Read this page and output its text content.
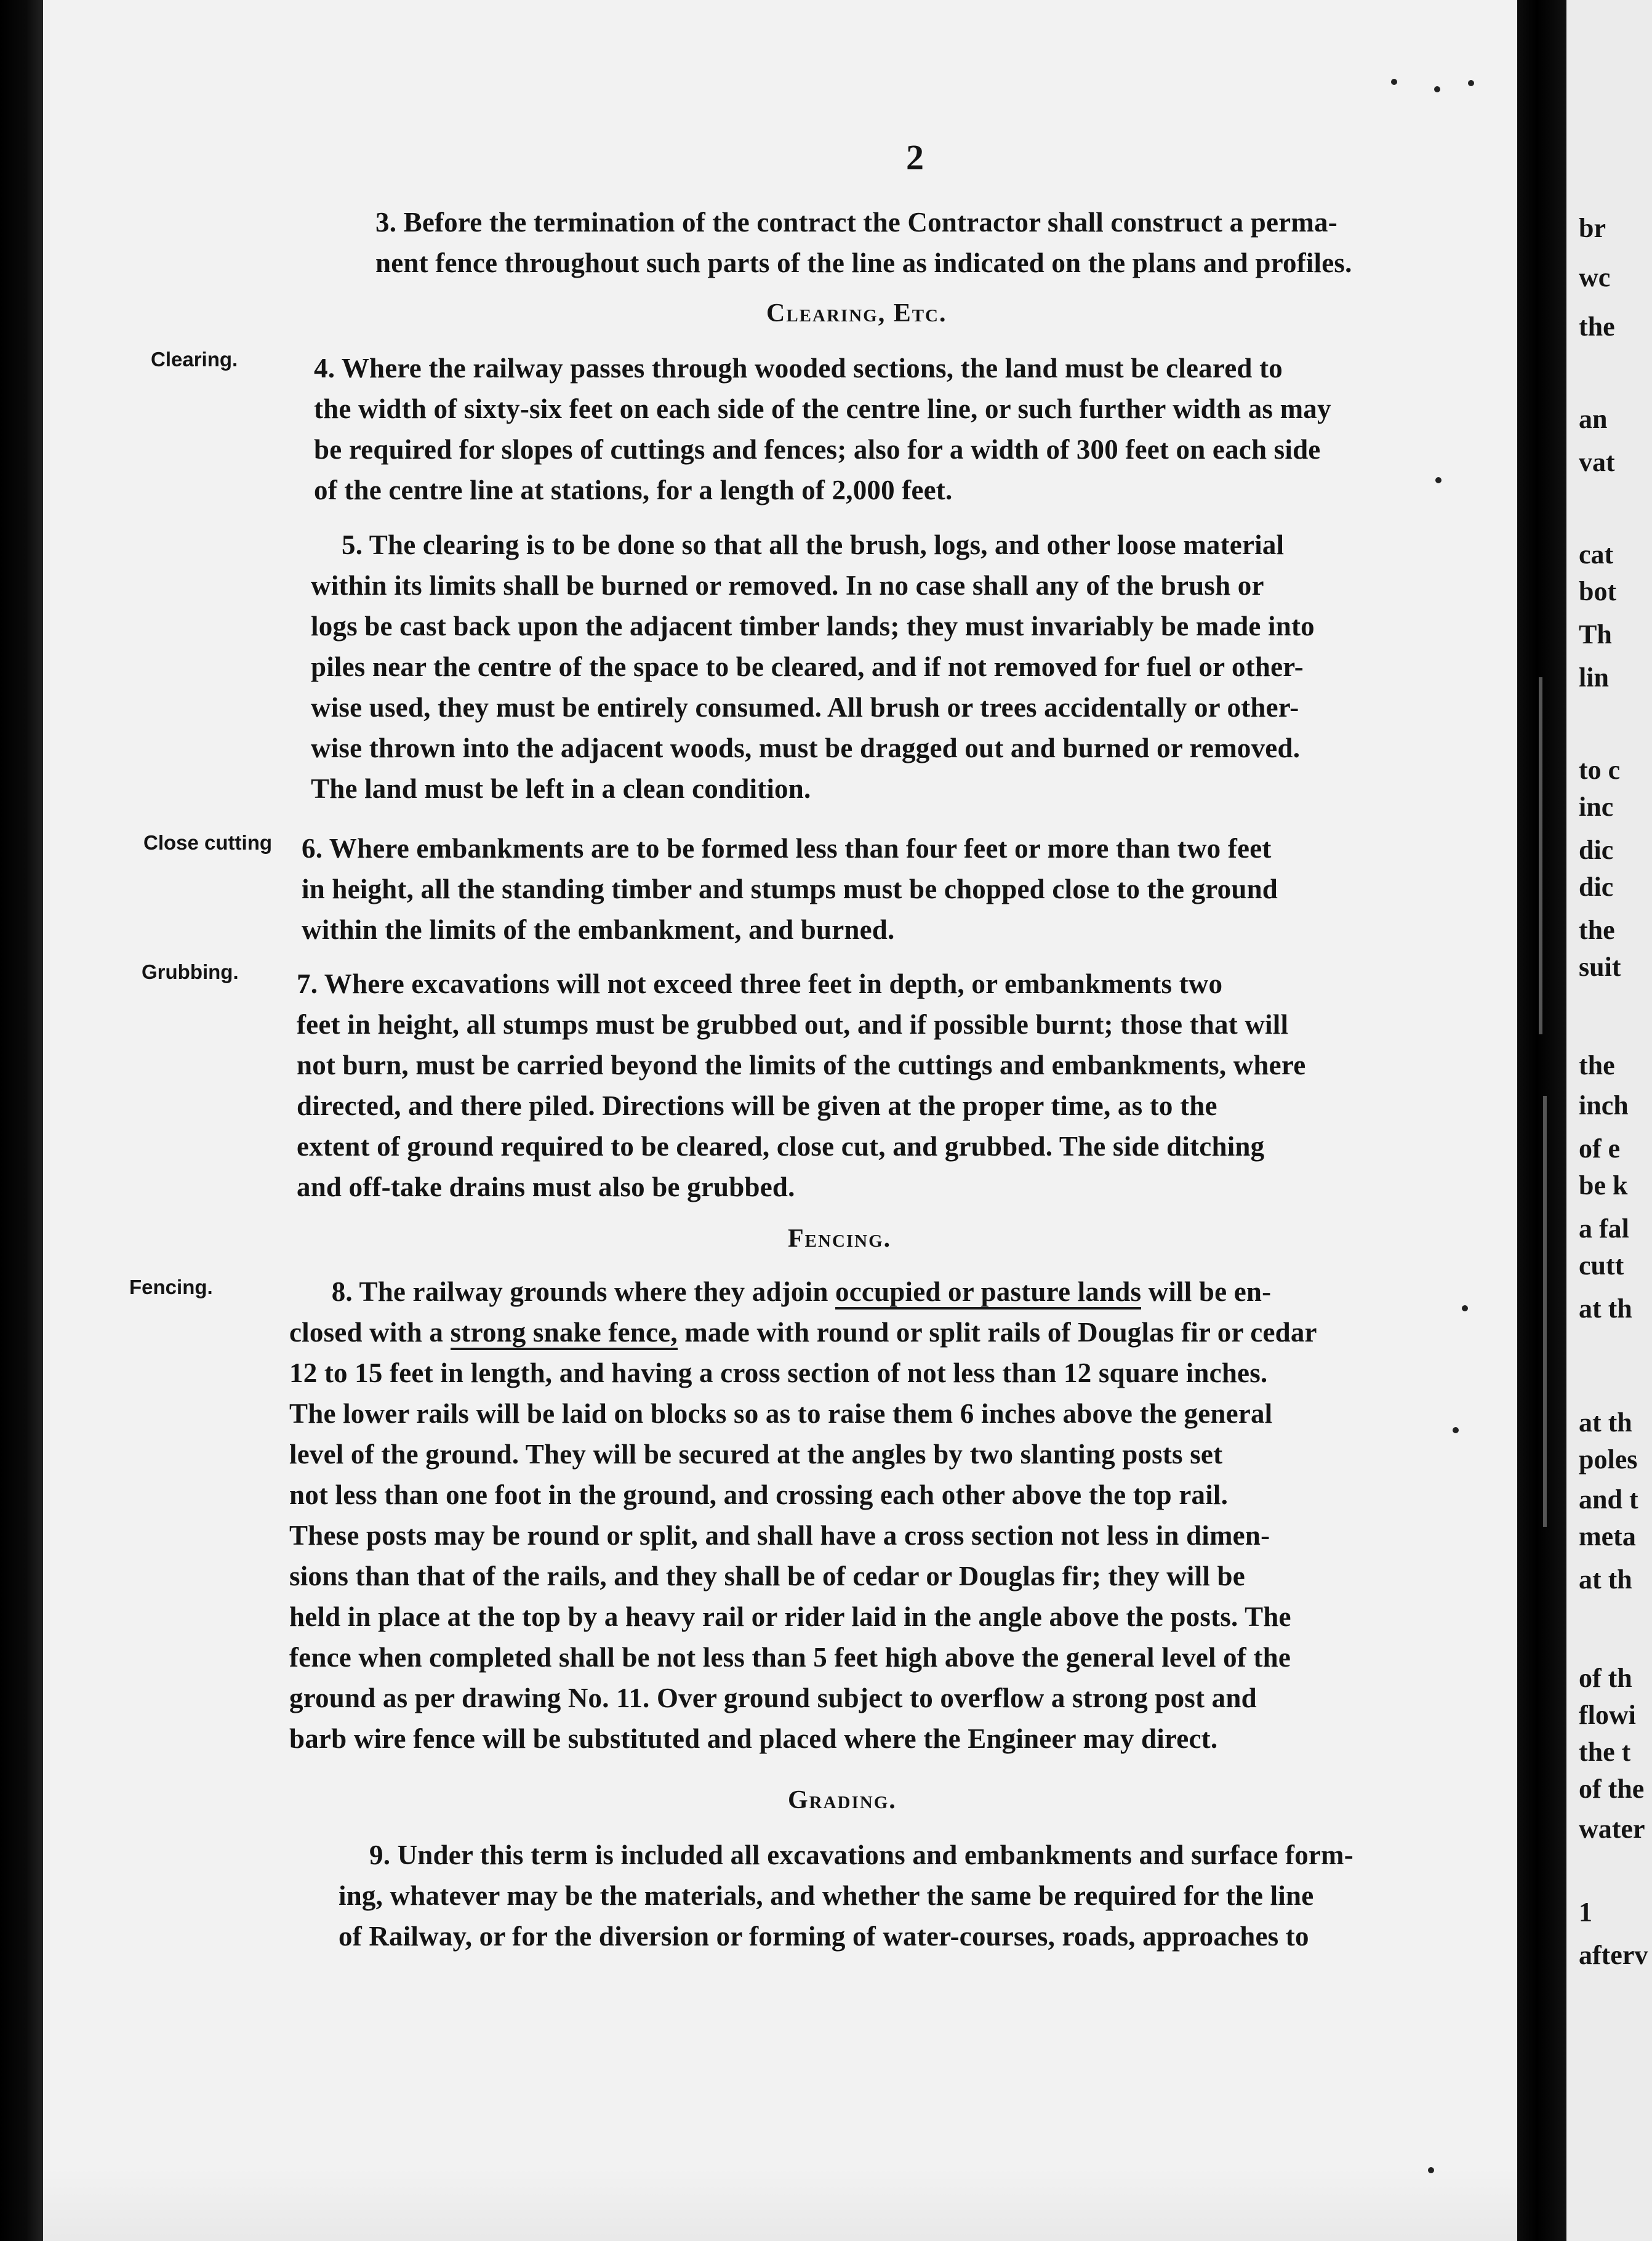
2
3. Before the termination of the contract the Contractor shall construct a perma-
nent fence throughout such parts of the line as indicated on the plans and profiles.
Clearing, Etc.
Clearing.	4. Where the railway passes through wooded sections, the land must be cleared to
the width of sixty-six feet on each side of the centre line, or such further width as may
be required for slopes of cuttings and fences; also for a width of 300 feet on each side
of the centre line at stations, for a length of 2,000 feet.
5. The clearing is to be done so that all the brush, logs, and other loose material
within its limits shall be burned or removed. In no case shall any of the brush or
logs be cast back upon the adjacent timber lands; they must invariably be made into
piles near the centre of the space to be cleared, and if not removed for fuel or other-
wise used, they must be entirely consumed. All brush or trees accidentally or other-
wise thrown into the adjacent woods, must be dragged out and burned or removed.
The land must be left in a clean condition.
Close cutting 6. Where embankments are to be formed less than four feet or more than two feet
in height, all the standing timber and stumps must be chopped close to the ground
within the limits of the embankment, and burned.
Grubbing. 7. Where excavations will not exceed three feet in depth, or embankments two
feet in height, all stumps must be grubbed out, and if possible burnt; those that will
not burn, must be carried beyond the limits of the cuttings and embankments, where
directed, and there piled. Directions will be given at the proper time, as to the
extent of ground required to be cleared, close cut, and grubbed. The side ditching
and off-take drains must also be grubbed.
Fencing.
Fencing.	8. The railway grounds where they adjoin occupied or pasture lands will be en-
closed with a strong snake fence, made with round or split rails of Douglas fir or cedar
12 to 15 feet in length, and having a cross section of not less than 12 square inches.
The lower rails will be laid on blocks so as to raise them 6 inches above the general
level of the ground. They will be secured at the angles by two slanting posts set
not less than one foot in the ground, and crossing each other above the top rail.
These posts may be round or split, and shall have a cross section not less in dimen-
sions than that of the rails, and they shall be of cedar or Douglas fir; they will be
held in place at the top by a heavy rail or rider laid in the angle above the posts. The
fence when completed shall be not less than 5 feet high above the general level of the
ground as per drawing No. 11. Over ground subject to overflow a strong post and
barb wire fence will be substituted and placed where the Engineer may direct.
Grading.
9. Under this term is included all excavations and embankments and surface form-
ing, whatever may be the materials, and whether the same be required for the line
of Railway, or for the diversion or forming of water-courses, roads, approaches to
br
wc
the
an
vat
cat
bot
Th
lin
to c
inc
dic
dic
the
suit
the
inch
of e
be k
a fal
cutt
at th
at th
poles
and t
meta
at th
of th
flowi
the t
of the
water
1
afterv
